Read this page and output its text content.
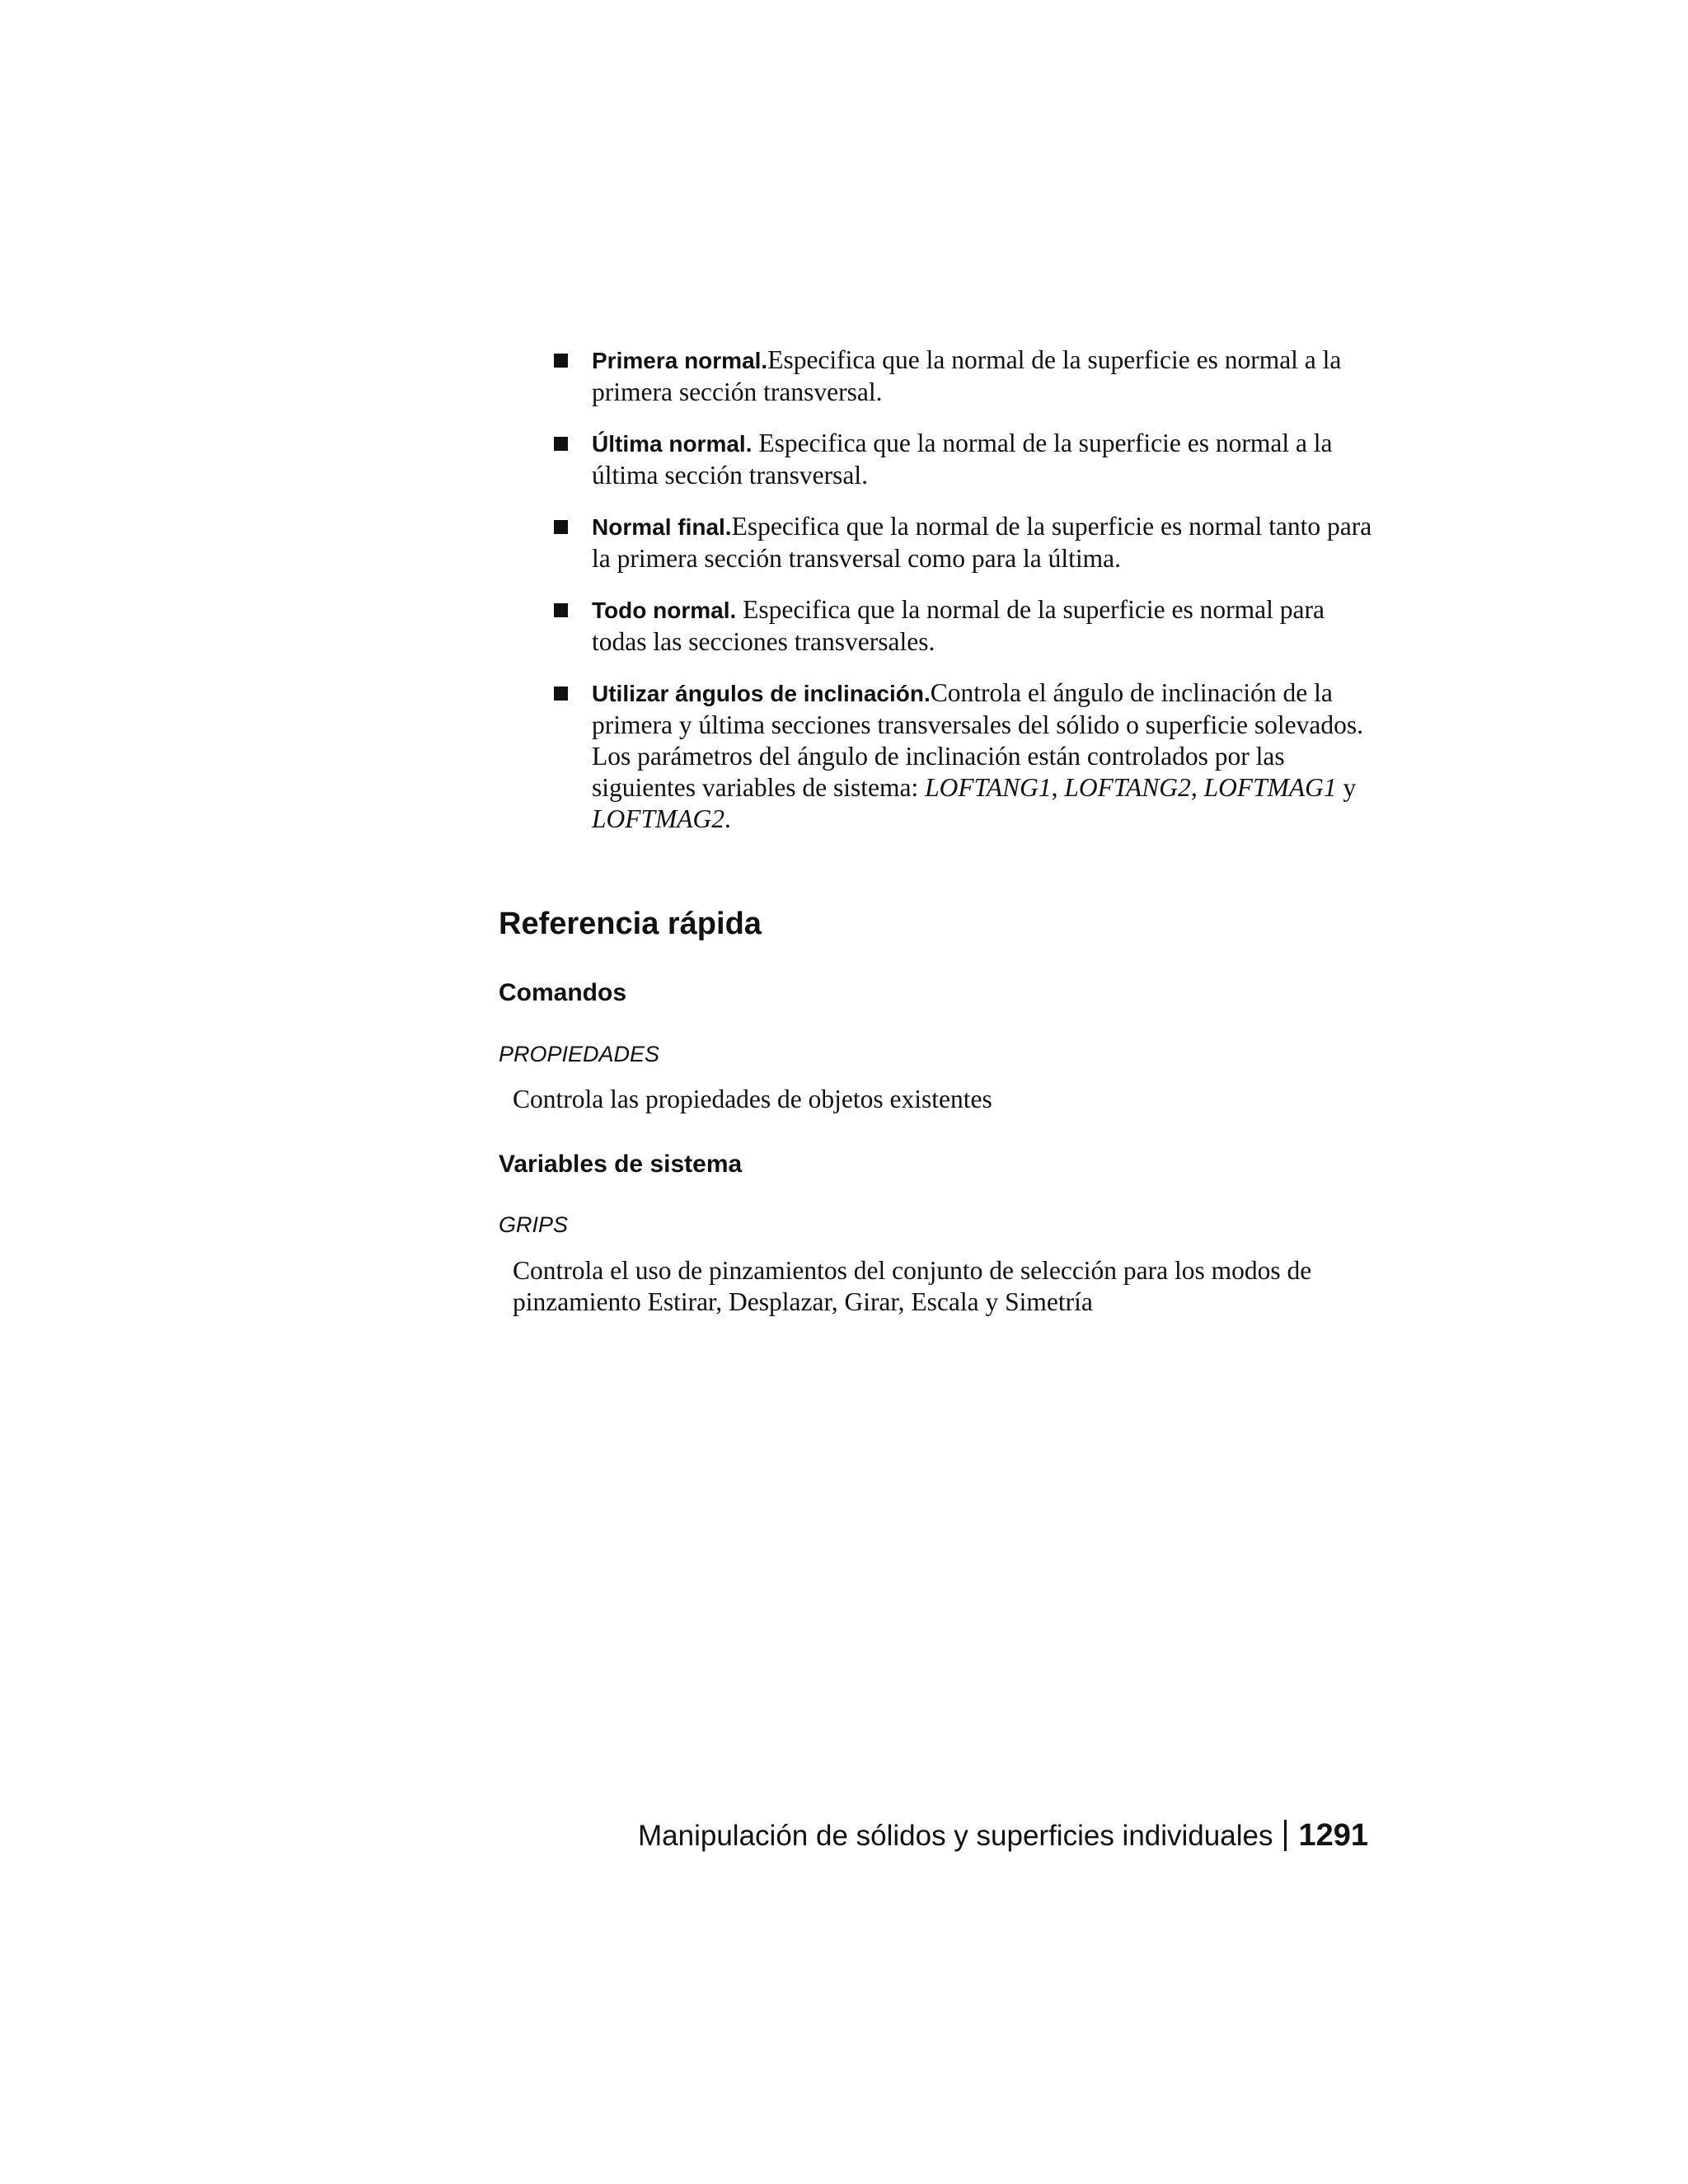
Primera normal.Especifica que la normal de la superficie es normal a la primera sección transversal.
Última normal. Especifica que la normal de la superficie es normal a la última sección transversal.
Normal final.Especifica que la normal de la superficie es normal tanto para la primera sección transversal como para la última.
Todo normal. Especifica que la normal de la superficie es normal para todas las secciones transversales.
Utilizar ángulos de inclinación.Controla el ángulo de inclinación de la primera y última secciones transversales del sólido o superficie solevados. Los parámetros del ángulo de inclinación están controlados por las siguientes variables de sistema: LOFTANG1, LOFTANG2, LOFTMAG1 y LOFTMAG2.
Referencia rápida
Comandos
PROPIEDADES
Controla las propiedades de objetos existentes
Variables de sistema
GRIPS
Controla el uso de pinzamientos del conjunto de selección para los modos de pinzamiento Estirar, Desplazar, Girar, Escala y Simetría
Manipulación de sólidos y superficies individuales 1291
